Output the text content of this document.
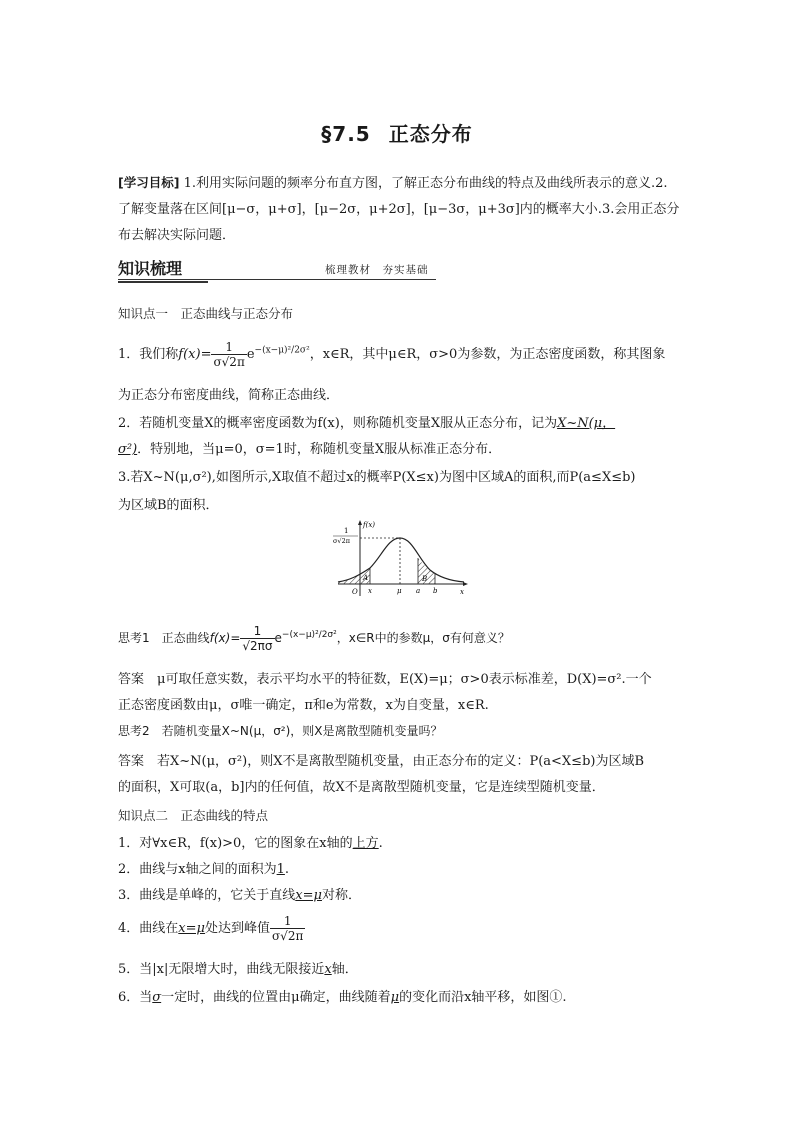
§7.5 正态分布
[学习目标] 1.利用实际问题的频率分布直方图，了解正态分布曲线的特点及曲线所表示的意义.2.了解变量落在区间[μ−σ，μ+σ]，[μ−2σ，μ+2σ]，[μ−3σ，μ+3σ]内的概率大小.3.会用正态分布去解决实际问题．
知识梳理	梳理教材　夯实基础
知识点一　正态曲线与正态分布
1．我们称$f(x)= \frac{1}{\sigma√2\pi} e^{-(x-\mu)^2/2\sigma^2}$，x∈R，其中μ∈R，σ>0为参数，为正态密度函数，称其图象
为正态分布密度曲线，简称正态曲线．
2．若随机变量X的概率密度函数为f(x)，则称随机变量X服从正态分布，记为X~N(μ，
σ²)．特别地，当μ=0，σ=1时，称随机变量X服从标准正态分布．
3.若X~N(μ,σ²),如图所示,X取值不超过x的概率P(X≤x)为图中区域A的面积,而P(a≤X≤b)
为区域B的面积．
f(x)
1
σ√2π
O	x
x	μ a b
A	B
思考1　正态曲线$f(x)= \frac{1}{√2\pi\sigma} e^{-(x-\mu)^2/2\sigma^2}$，x∈R中的参数μ，σ有何意义？
答案　μ可取任意实数，表示平均水平的特征数，E(X)=μ；σ>0表示标准差，D(X)=σ².一个
正态密度函数由μ，σ唯一确定，π和e为常数，x为自变量，x∈R.
思考2　若随机变量X~N(μ，σ²)，则X是离散型随机变量吗？
答案　若X~N(μ，σ²)，则X不是离散型随机变量，由正态分布的定义：P(a<X≤b)为区域B
的面积，X可取(a，b]内的任何值，故X不是离散型随机变量，它是连续型随机变量．
知识点二　正态曲线的特点
1．对∀x∈R，f(x)>0，它的图象在x轴的上方.
2．曲线与x轴之间的面积为1.
3．曲线是单峰的，它关于直线x=μ对称．
4．曲线在x=μ处达到峰值 $\frac{1}{\sigma√2\pi}$
5．当|x|无限增大时，曲线无限接近x轴．
6．当σ一定时，曲线的位置由μ确定，曲线随着μ的变化而沿x轴平移，如图①.
